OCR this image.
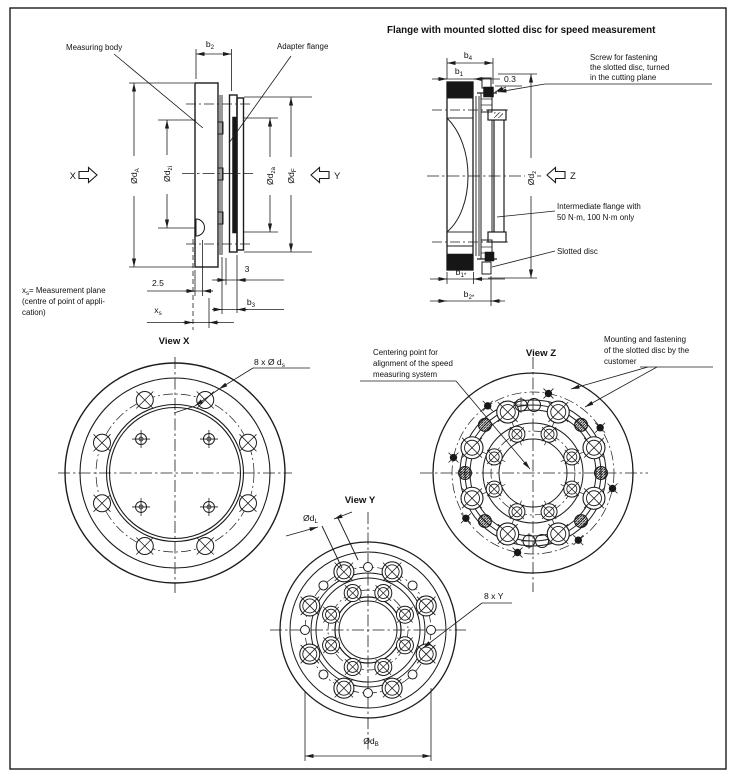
Flange with mounted slotted disc for speed measurement
$b_2$
$Ød_A$
$Ød_{zi}$
$Ød_{za}$
$Ød_F$
X	Y
2.5
3
$b_3$
$x_s$
Measuring body	Adapter flange
$x_s=$ Measurement plane
(centre of point of appli-
cation)
$b_4$
$b_1$	0.3
$Ød_z$	Z
$b_{1*}$
$b_{2*}$
Screw for fastening
the slotted disc, turned
in the cutting plane
Intermediate flange with
50 N·m, 100 N·m only
Slotted disc
View X
8 x Ø $d_s$
View Z
Centering point for
alignment of the speed
measuring system
Mounting and fastening
of the slotted disc by the
customer
View Y
$Ød_L$
8 x Y
$Ød_B$
